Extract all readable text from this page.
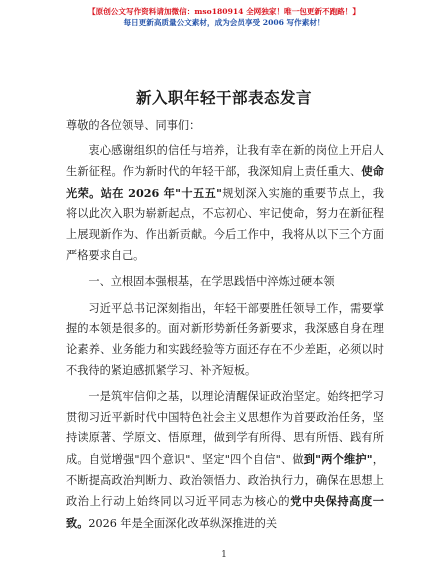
【原创公文写作资料请加微信：mso180914 全网独家！唯一包更新不跑路！】
每日更新高质量公文素材，成为会员享受 2006 写作素材！
新入职年轻干部表态发言

尊敬的各位领导、同事们：

衷心感谢组织的信任与培养，让我有幸在新的岗位上开启人生新征程。作为新时代的年轻干部，我深知肩上责任重大、使命光荣。站在 2026 年"十五五"规划深入实施的重要节点上，我将以此次入职为崭新起点，不忘初心、牢记使命，努力在新征程上展现新作为、作出新贡献。今后工作中，我将从以下三个方面严格要求自己。

一、立根固本强根基，在学思践悟中淬炼过硬本领

习近平总书记深刻指出，年轻干部要胜任领导工作，需要掌握的本领是很多的。面对新形势新任务新要求，我深感自身在理论素养、业务能力和实践经验等方面还存在不少差距，必须以时不我待的紧迫感抓紧学习、补齐短板。

一是筑牢信仰之基，以理论清醒保证政治坚定。始终把学习贯彻习近平新时代中国特色社会主义思想作为首要政治任务，坚持读原著、学原文、悟原理，做到学有所得、思有所悟、践有所成。自觉增强"四个意识"、坚定"四个自信"、做到"两个维护"，不断提高政治判断力、政治领悟力、政治执行力，确保在思想上政治上行动上始终同以习近平同志为核心的党中央保持高度一致。2026 年是全面深化改革纵深推进的关

1
